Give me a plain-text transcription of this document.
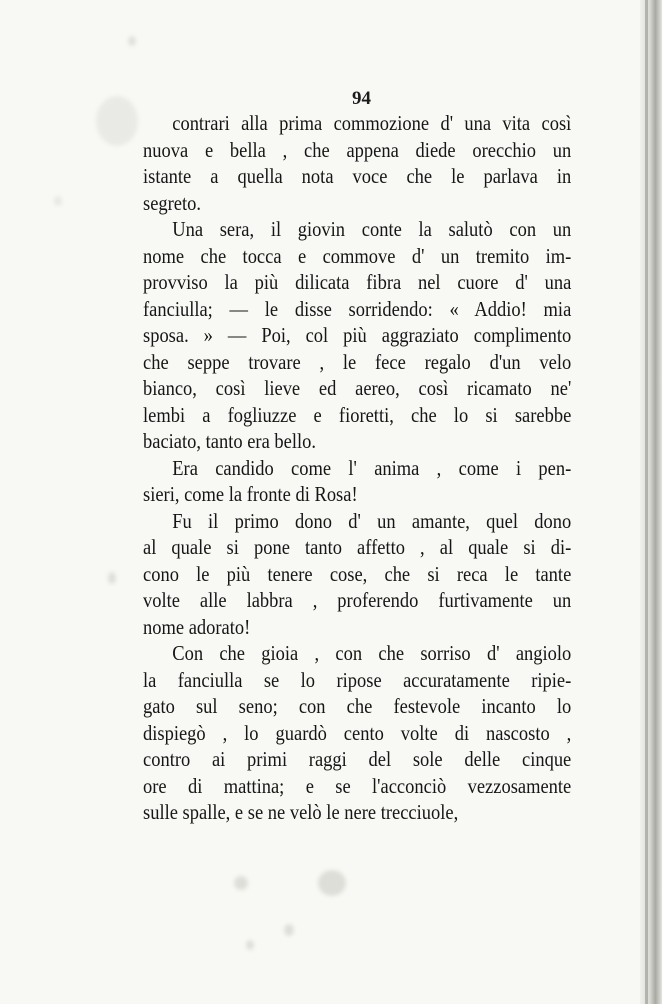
94
contrari alla prima commozione d' una vita così
nuova e bella , che appena diede orecchio un
istante a quella nota voce che le parlava in
segreto.
Una sera, il giovin conte la salutò con un
nome che tocca e commove d' un tremito im-
provviso la più dilicata fibra nel cuore d' una
fanciulla; — le disse sorridendo: « Addio! mia
sposa. » — Poi, col più aggraziato complimento
che seppe trovare , le fece regalo d'un velo
bianco, così lieve ed aereo, così ricamato ne'
lembi a fogliuzze e fioretti, che lo si sarebbe
baciato, tanto era bello.
Era candido come l' anima , come i pen-
sieri, come la fronte di Rosa!
Fu il primo dono d' un amante, quel dono
al quale si pone tanto affetto , al quale si di-
cono le più tenere cose, che si reca le tante
volte alle labbra , proferendo furtivamente un
nome adorato!
Con che gioia , con che sorriso d' angiolo
la fanciulla se lo ripose accuratamente ripie-
gato sul seno; con che festevole incanto lo
dispiegò , lo guardò cento volte di nascosto ,
contro ai primi raggi del sole delle cinque
ore di mattina; e se l'acconciò vezzosamente
sulle spalle, e se ne velò le nere trecciuole,
